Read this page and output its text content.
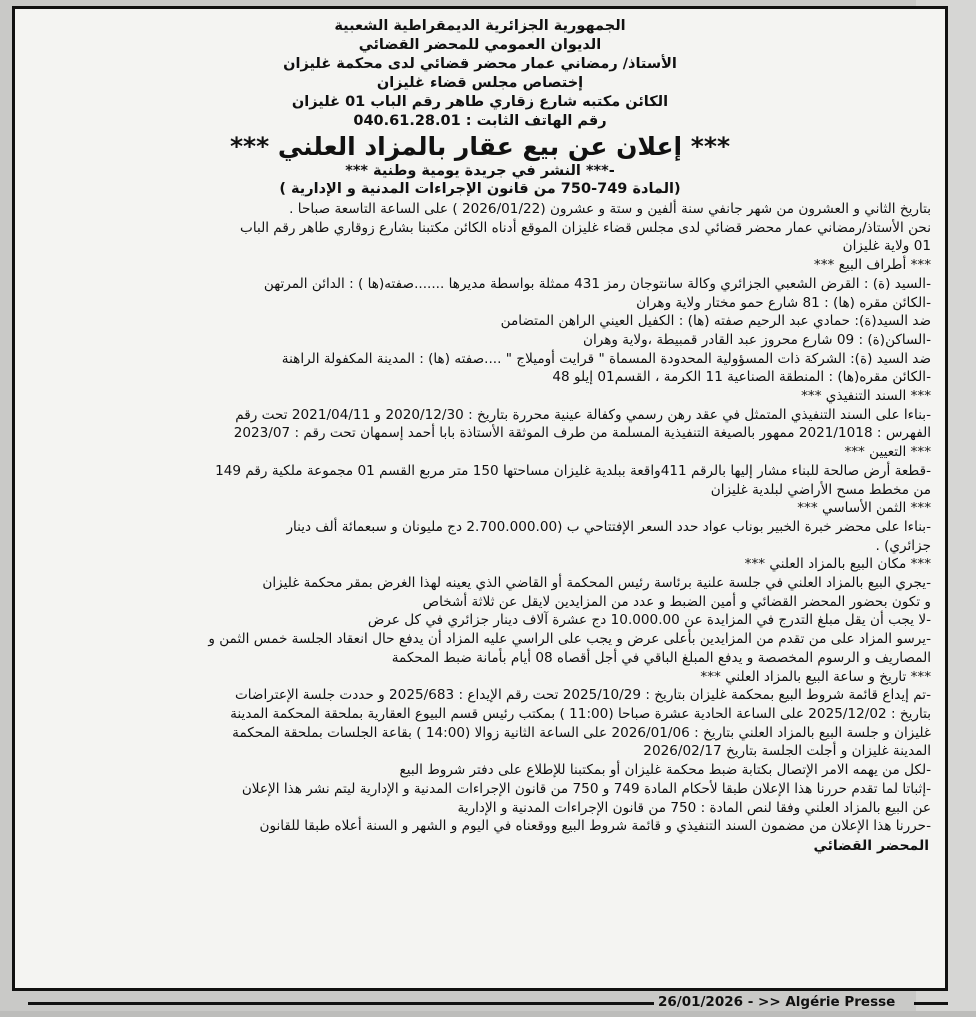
الجمهورية الجزائرية الديمقراطية الشعبية
الديوان العمومي للمحضر القضائي
الأستاذ/ رمضاني عمار محضر قضائي لدى محكمة غليزان
إختصاص مجلس قضاء غليزان
الكائن مكتبه شارع زقاري طاهر رقم الباب 01 غليزان
رقم الهاتف الثابت : 040.61.28.01
*** إعلان عن بيع عقار بالمزاد العلني ***
-*** النشر في جريدة يومية وطنية ***
(المادة 749-750 من قانون الإجراءات المدنية و الإدارية )
بتاريخ الثاني و العشرون من شهر جانفي سنة ألفين و ستة و عشرون (2026/01/22 ) على الساعة التاسعة صباحا .
نحن الأستاذ/رمضاني عمار محضر قضائي لدى مجلس قضاء غليزان الموقع أدناه الكائن مكتبنا بشارع زوقاري طاهر رقم الباب
01 ولاية غليزان
*** أطراف البيع ***
-السيد (ة) : القرض الشعبي الجزائري وكالة سانتوجان رمز 431 ممثلة بواسطة مديرها .......صفته(ها ) : الدائن المرتهن
-الكائن مقره (ها) : 81 شارع حمو مختار ولاية وهران
ضد السيد(ة): حمادي عبد الرحيم صفته (ها) : الكفيل العيني الراهن المتضامن
-الساكن(ة) : 09 شارع محروز عبد القادر قمبيطة ،ولاية وهران
ضد السيد (ة): الشركة ذات المسؤولية المحدودة المسماة " قرايت أوميلاج " ....صفته (ها) : المدينة المكفولة الراهنة
-الكائن مقره(ها) : المنطقة الصناعية 11 الكرمة ، القسم01 إيلو 48
*** السند التنفيذي ***
-بناءا على السند التنفيذي المتمثل في عقد رهن رسمي وكفالة عينية محررة بتاريخ : 2020/12/30 و 2021/04/11 تحت رقم
الفهرس : 2021/1018 ممهور بالصيغة التنفيذية المسلمة من طرف الموثقة الأستاذة بابا أحمد إسمهان تحت رقم : 2023/07
*** التعيين ***
-قطعة أرض صالحة للبناء مشار إليها بالرقم 411واقعة ببلدية غليزان مساحتها 150 متر مربع القسم 01 مجموعة ملكية رقم 149
من مخطط مسح الأراضي لبلدية غليزان
*** الثمن الأساسي ***
-بناءا على محضر خبرة الخبير بوناب عواد حدد السعر الإفتتاحي ب (2.700.000.00 دج مليونان و سبعمائة ألف دينار
جزائري) .
*** مكان البيع بالمزاد العلني ***
-يجري البيع بالمزاد العلني في جلسة علنية برئاسة رئيس المحكمة أو القاضي الذي يعينه لهذا الغرض بمقر محكمة غليزان
و تكون بحضور المحضر القضائي و أمين الضبط و عدد من المزايدين لايقل عن ثلاثة أشخاص
-لا يجب أن يقل مبلغ التدرج في المزايدة عن 10.000.00 دج عشرة آلاف دينار جزائري في كل عرض
-يرسو المزاد على من تقدم من المزايدين بأعلى عرض و يجب على الراسي عليه المزاد أن يدفع حال انعقاد الجلسة خمس الثمن و
المصاريف و الرسوم المخصصة و يدفع المبلغ الباقي في أجل أقصاه 08 أيام بأمانة ضبط المحكمة
*** تاريخ و ساعة البيع بالمزاد العلني ***
-تم إيداع قائمة شروط البيع بمحكمة غليزان بتاريخ : 2025/10/29 تحت رقم الإيداع : 2025/683 و حددت جلسة الإعتراضات
بتاريخ : 2025/12/02 على الساعة الحادية عشرة صباحا (11:00 ) بمكتب رئيس قسم البيوع العقارية بملحقة المحكمة المدينة
غليزان و جلسة البيع بالمزاد العلني بتاريخ : 2026/01/06 على الساعة الثانية زوالا (14:00 ) بقاعة الجلسات بملحقة المحكمة
المدينة غليزان و أجلت الجلسة بتاريخ 2026/02/17
-لكل من يهمه الامر الإتصال بكتابة ضبط محكمة غليزان أو بمكتبنا للإطلاع على دفتر شروط البيع
-إثباتا لما تقدم حررنا هذا الإعلان طبقا لأحكام المادة 749 و 750 من قانون الإجراءات المدنية و الإدارية ليتم نشر هذا الإعلان
عن البيع بالمزاد العلني وفقا لنص المادة : 750 من قانون الإجراءات المدنية و الإدارية
-حررنا هذا الإعلان من مضمون السند التنفيذي و قائمة شروط البيع ووقعناه في اليوم و الشهر و السنة أعلاه طبقا للقانون
المحضر القضائي
26/01/2026 - >> Algérie Presse
